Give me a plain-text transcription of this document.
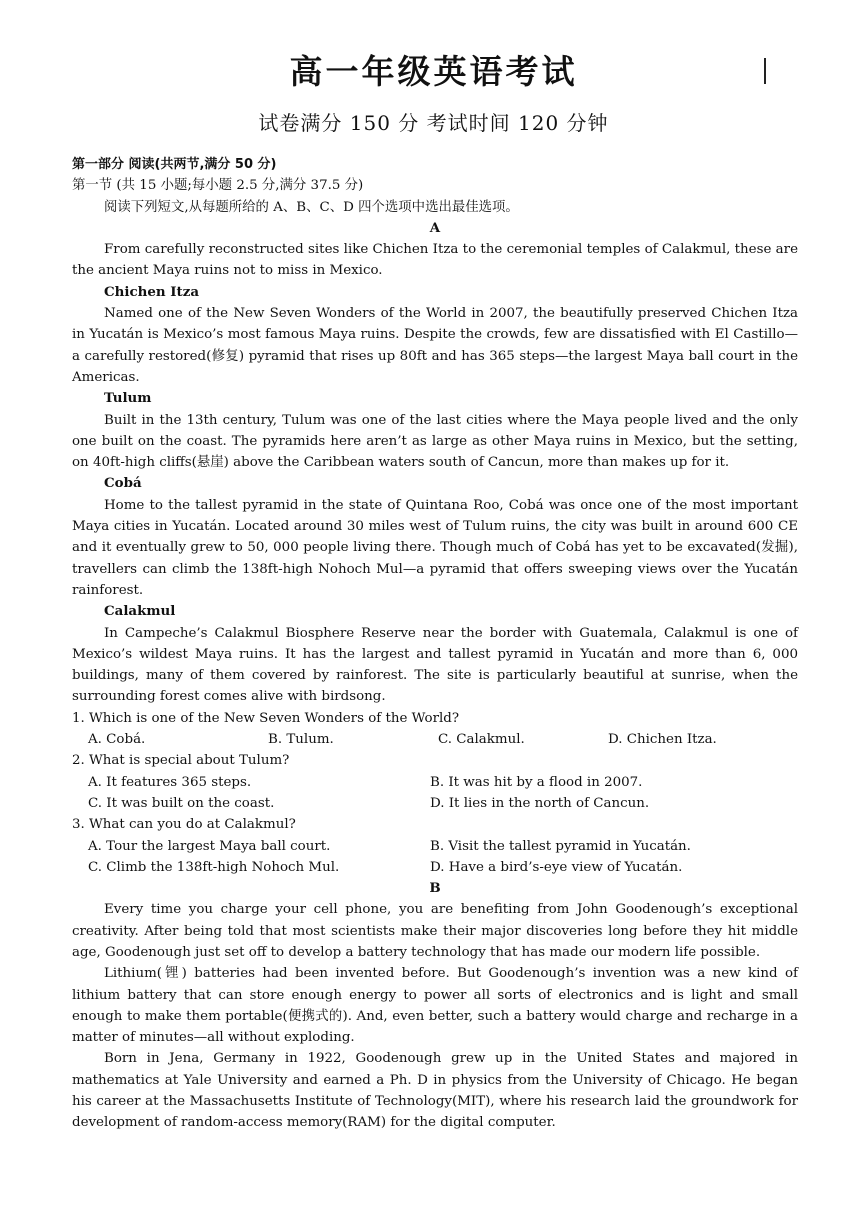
高一年级英语考试
试卷满分 150 分 考试时间 120 分钟

第一部分 阅读(共两节,满分 50 分)

第一节 (共 15 小题;每小题 2.5 分,满分 37.5 分)

阅读下列短文,从每题所给的 A、B、C、D 四个选项中选出最佳选项。

A

From carefully reconstructed sites like Chichen Itza to the ceremonial temples of Calakmul, these are the ancient Maya ruins not to miss in Mexico.

Chichen Itza

Named one of the New Seven Wonders of the World in 2007, the beautifully preserved Chichen Itza in Yucatán is Mexico’s most famous Maya ruins. Despite the crowds, few are dissatisfied with El Castillo—a carefully restored(修复) pyramid that rises up 80ft and has 365 steps—the largest Maya ball court in the Americas.

Tulum

Built in the 13th century, Tulum was one of the last cities where the Maya people lived and the only one built on the coast. The pyramids here aren’t as large as other Maya ruins in Mexico, but the setting, on 40ft-high cliffs(悬崖) above the Caribbean waters south of Cancun, more than makes up for it.

Cobá

Home to the tallest pyramid in the state of Quintana Roo, Cobá was once one of the most important Maya cities in Yucatán. Located around 30 miles west of Tulum ruins, the city was built in around 600 CE and it eventually grew to 50, 000 people living there. Though much of Cobá has yet to be excavated(发掘), travellers can climb the 138ft-high Nohoch Mul—a pyramid that offers sweeping views over the Yucatán rainforest.

Calakmul

In Campeche’s Calakmul Biosphere Reserve near the border with Guatemala, Calakmul is one of Mexico’s wildest Maya ruins. It has the largest and tallest pyramid in Yucatán and more than 6, 000 buildings, many of them covered by rainforest. The site is particularly beautiful at sunrise, when the surrounding forest comes alive with birdsong.

1. Which is one of the New Seven Wonders of the World?

A. Cobá.	B. Tulum.	C. Calakmul.	D. Chichen Itza.

2. What is special about Tulum?

A. It features 365 steps.	B. It was hit by a flood in 2007.
C. It was built on the coast.	D. It lies in the north of Cancun.

3. What can you do at Calakmul?

A. Tour the largest Maya ball court.	B. Visit the tallest pyramid in Yucatán.
C. Climb the 138ft-high Nohoch Mul.	D. Have a bird’s-eye view of Yucatán.

B

Every time you charge your cell phone, you are benefiting from John Goodenough’s exceptional creativity. After being told that most scientists make their major discoveries long before they hit middle age, Goodenough just set off to develop a battery technology that has made our modern life possible.

Lithium(锂) batteries had been invented before. But Goodenough’s invention was a new kind of lithium battery that can store enough energy to power all sorts of electronics and is light and small enough to make them portable(便携式的). And, even better, such a battery would charge and recharge in a matter of minutes—all without exploding.

Born in Jena, Germany in 1922, Goodenough grew up in the United States and majored in mathematics at Yale University and earned a Ph. D in physics from the University of Chicago. He began his career at the Massachusetts Institute of Technology(MIT), where his research laid the groundwork for development of random-access memory(RAM) for the digital computer.
